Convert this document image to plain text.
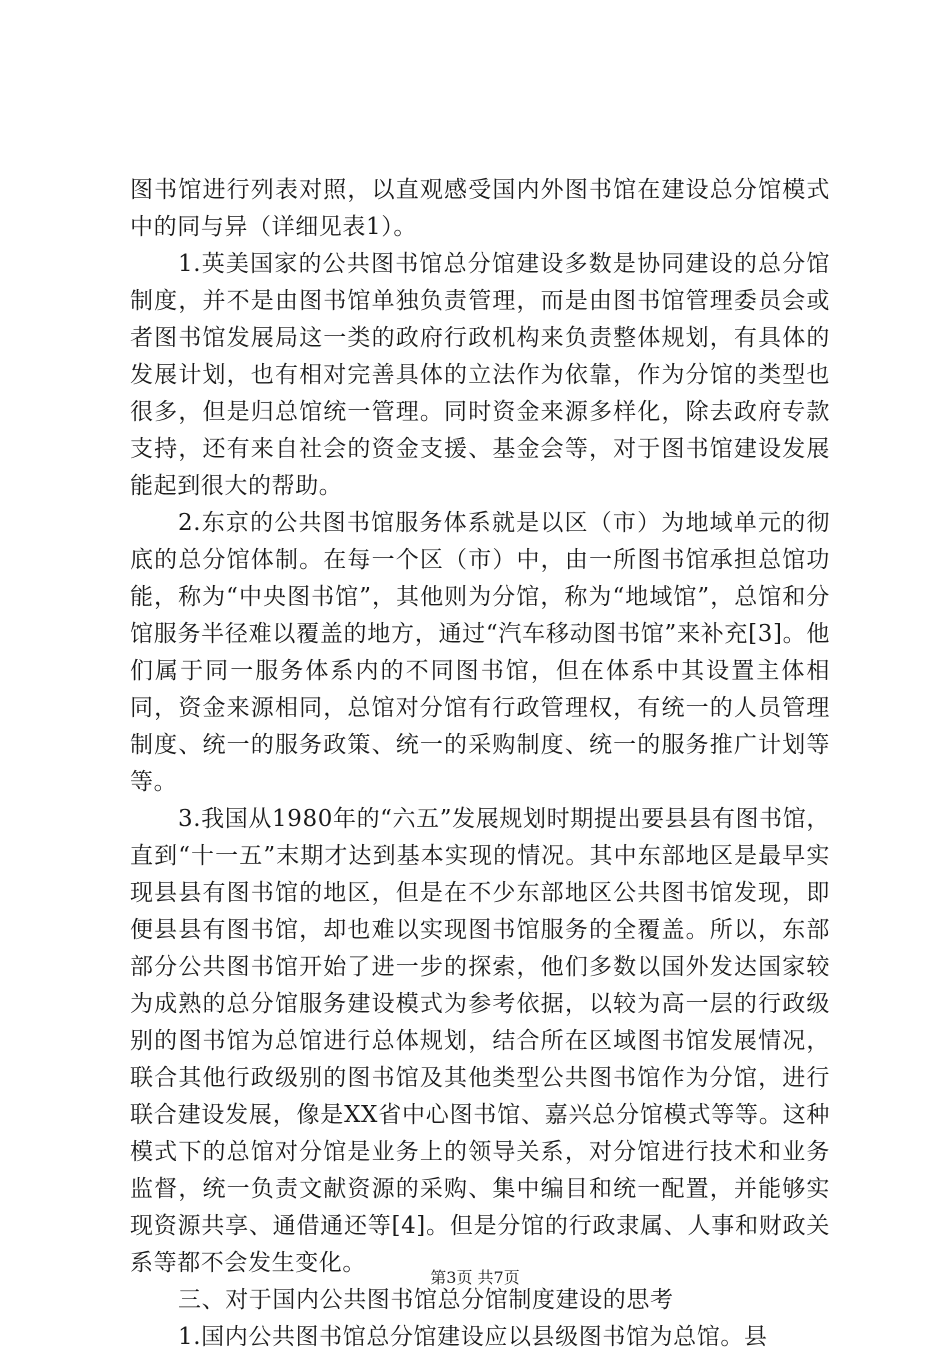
图书馆进行列表对照，以直观感受国内外图书馆在建设总分馆模式中的同与异（详细见表1）。

1.英美国家的公共图书馆总分馆建设多数是协同建设的总分馆制度，并不是由图书馆单独负责管理，而是由图书馆管理委员会或者图书馆发展局这一类的政府行政机构来负责整体规划，有具体的发展计划，也有相对完善具体的立法作为依靠，作为分馆的类型也很多，但是归总馆统一管理。同时资金来源多样化，除去政府专款支持，还有来自社会的资金支援、基金会等，对于图书馆建设发展能起到很大的帮助。

2.东京的公共图书馆服务体系就是以区（市）为地域单元的彻底的总分馆体制。在每一个区（市）中，由一所图书馆承担总馆功能，称为“中央图书馆”，其他则为分馆，称为“地域馆”，总馆和分馆服务半径难以覆盖的地方，通过“汽车移动图书馆”来补充[3]。他们属于同一服务体系内的不同图书馆，但在体系中其设置主体相同，资金来源相同，总馆对分馆有行政管理权，有统一的人员管理制度、统一的服务政策、统一的采购制度、统一的服务推广计划等等。

3.我国从1980年的“六五”发展规划时期提出要县县有图书馆，直到“十一五”末期才达到基本实现的情况。其中东部地区是最早实现县县有图书馆的地区，但是在不少东部地区公共图书馆发现，即便县县有图书馆，却也难以实现图书馆服务的全覆盖。所以，东部部分公共图书馆开始了进一步的探索，他们多数以国外发达国家较为成熟的总分馆服务建设模式为参考依据，以较为高一层的行政级别的图书馆为总馆进行总体规划，结合所在区域图书馆发展情况，联合其他行政级别的图书馆及其他类型公共图书馆作为分馆，进行联合建设发展，像是XX省中心图书馆、嘉兴总分馆模式等等。这种模式下的总馆对分馆是业务上的领导关系，对分馆进行技术和业务监督，统一负责文献资源的采购、集中编目和统一配置，并能够实现资源共享、通借通还等[4]。但是分馆的行政隶属、人事和财政关系等都不会发生变化。

三、对于国内公共图书馆总分馆制度建设的思考

1.国内公共图书馆总分馆建设应以县级图书馆为总馆。县

第3页 共7页
